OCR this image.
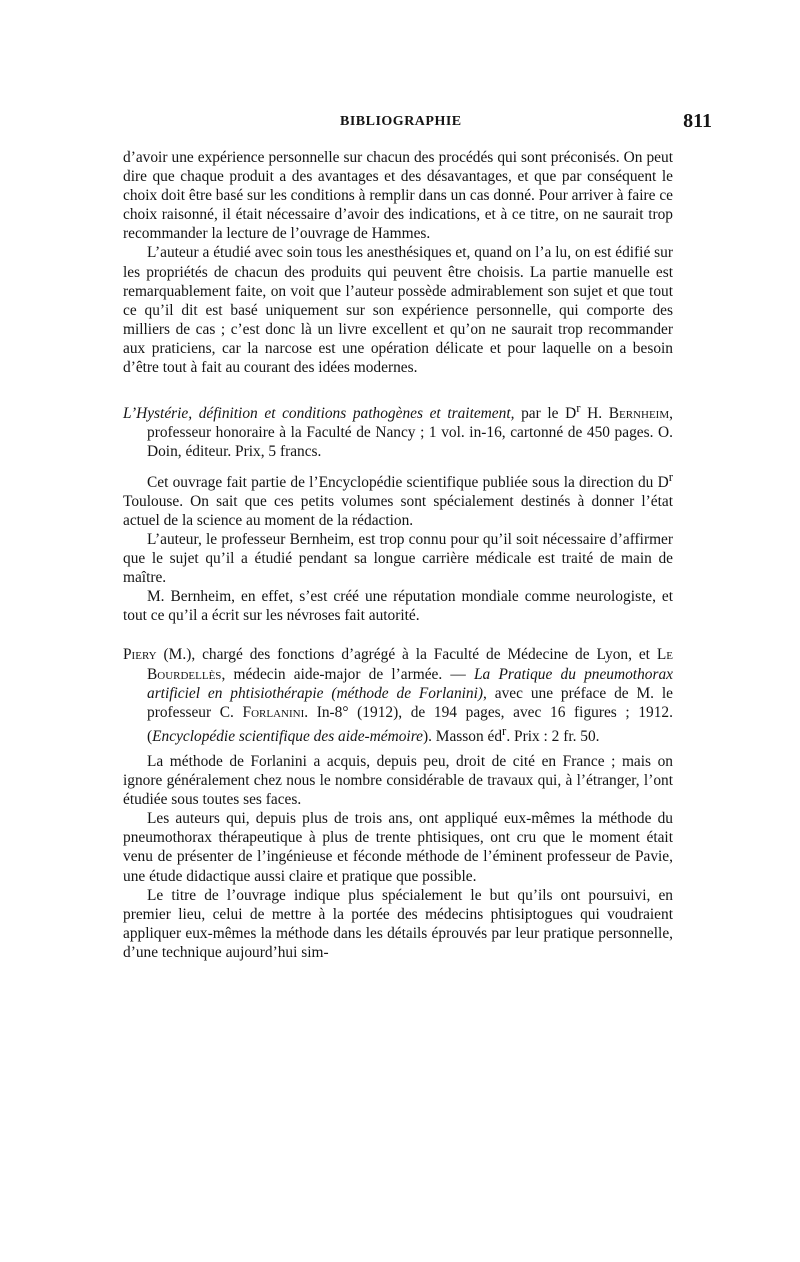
BIBLIOGRAPHIE	811

d’avoir une expérience personnelle sur chacun des procédés qui sont préconisés. On peut dire que chaque produit a des avantages et des désavantages, et que par conséquent le choix doit être basé sur les conditions à remplir dans un cas donné. Pour arriver à faire ce choix raisonné, il était nécessaire d’avoir des indications, et à ce titre, on ne saurait trop recommander la lecture de l’ouvrage de Hammes.

L’auteur a étudié avec soin tous les anesthésiques et, quand on l’a lu, on est édifié sur les propriétés de chacun des produits qui peuvent être choisis. La partie manuelle est remarquablement faite, on voit que l’auteur possède admirablement son sujet et que tout ce qu’il dit est basé uniquement sur son expérience personnelle, qui comporte des milliers de cas ; c’est donc là un livre excellent et qu’on ne saurait trop recommander aux praticiens, car la narcose est une opération délicate et pour laquelle on a besoin d’être tout à fait au courant des idées modernes.

L’Hystérie, définition et conditions pathogènes et traitement, par le $D^r$ H. Bernheim, professeur honoraire à la Faculté de Nancy ; 1 vol. in-16, cartonné de 450 pages. O. Doin, éditeur. Prix, 5 francs.

Cet ouvrage fait partie de l’Encyclopédie scientifique publiée sous la direction du $D^r$ Toulouse. On sait que ces petits volumes sont spécialement destinés à donner l’état actuel de la science au moment de la rédaction.

L’auteur, le professeur Bernheim, est trop connu pour qu’il soit nécessaire d’affirmer que le sujet qu’il a étudié pendant sa longue carrière médicale est traité de main de maître.

M. Bernheim, en effet, s’est créé une réputation mondiale comme neurologiste, et tout ce qu’il a écrit sur les névroses fait autorité.

Piery (M.), chargé des fonctions d’agrégé à la Faculté de Médecine de Lyon, et Le Bourdellès, médecin aide-major de l’armée. — La Pratique du pneumothorax artificiel en phtisiothérapie (méthode de Forlanini), avec une préface de M. le professeur C. Forlanini. In-8° (1912), de 194 pages, avec 16 figures ; 1912. (Encyclopédie scientifique des aide-mémoire). Masson $éd^r$. Prix : 2 fr. 50.

La méthode de Forlanini a acquis, depuis peu, droit de cité en France ; mais on ignore généralement chez nous le nombre considérable de travaux qui, à l’étranger, l’ont étudiée sous toutes ses faces.

Les auteurs qui, depuis plus de trois ans, ont appliqué eux-mêmes la méthode du pneumothorax thérapeutique à plus de trente phtisiques, ont cru que le moment était venu de présenter de l’ingénieuse et féconde méthode de l’éminent professeur de Pavie, une étude didactique aussi claire et pratique que possible.

Le titre de l’ouvrage indique plus spécialement le but qu’ils ont poursuivi, en premier lieu, celui de mettre à la portée des médecins phtisiptogues qui voudraient appliquer eux-mêmes la méthode dans les détails éprouvés par leur pratique personnelle, d’une technique aujourd’hui sim-
